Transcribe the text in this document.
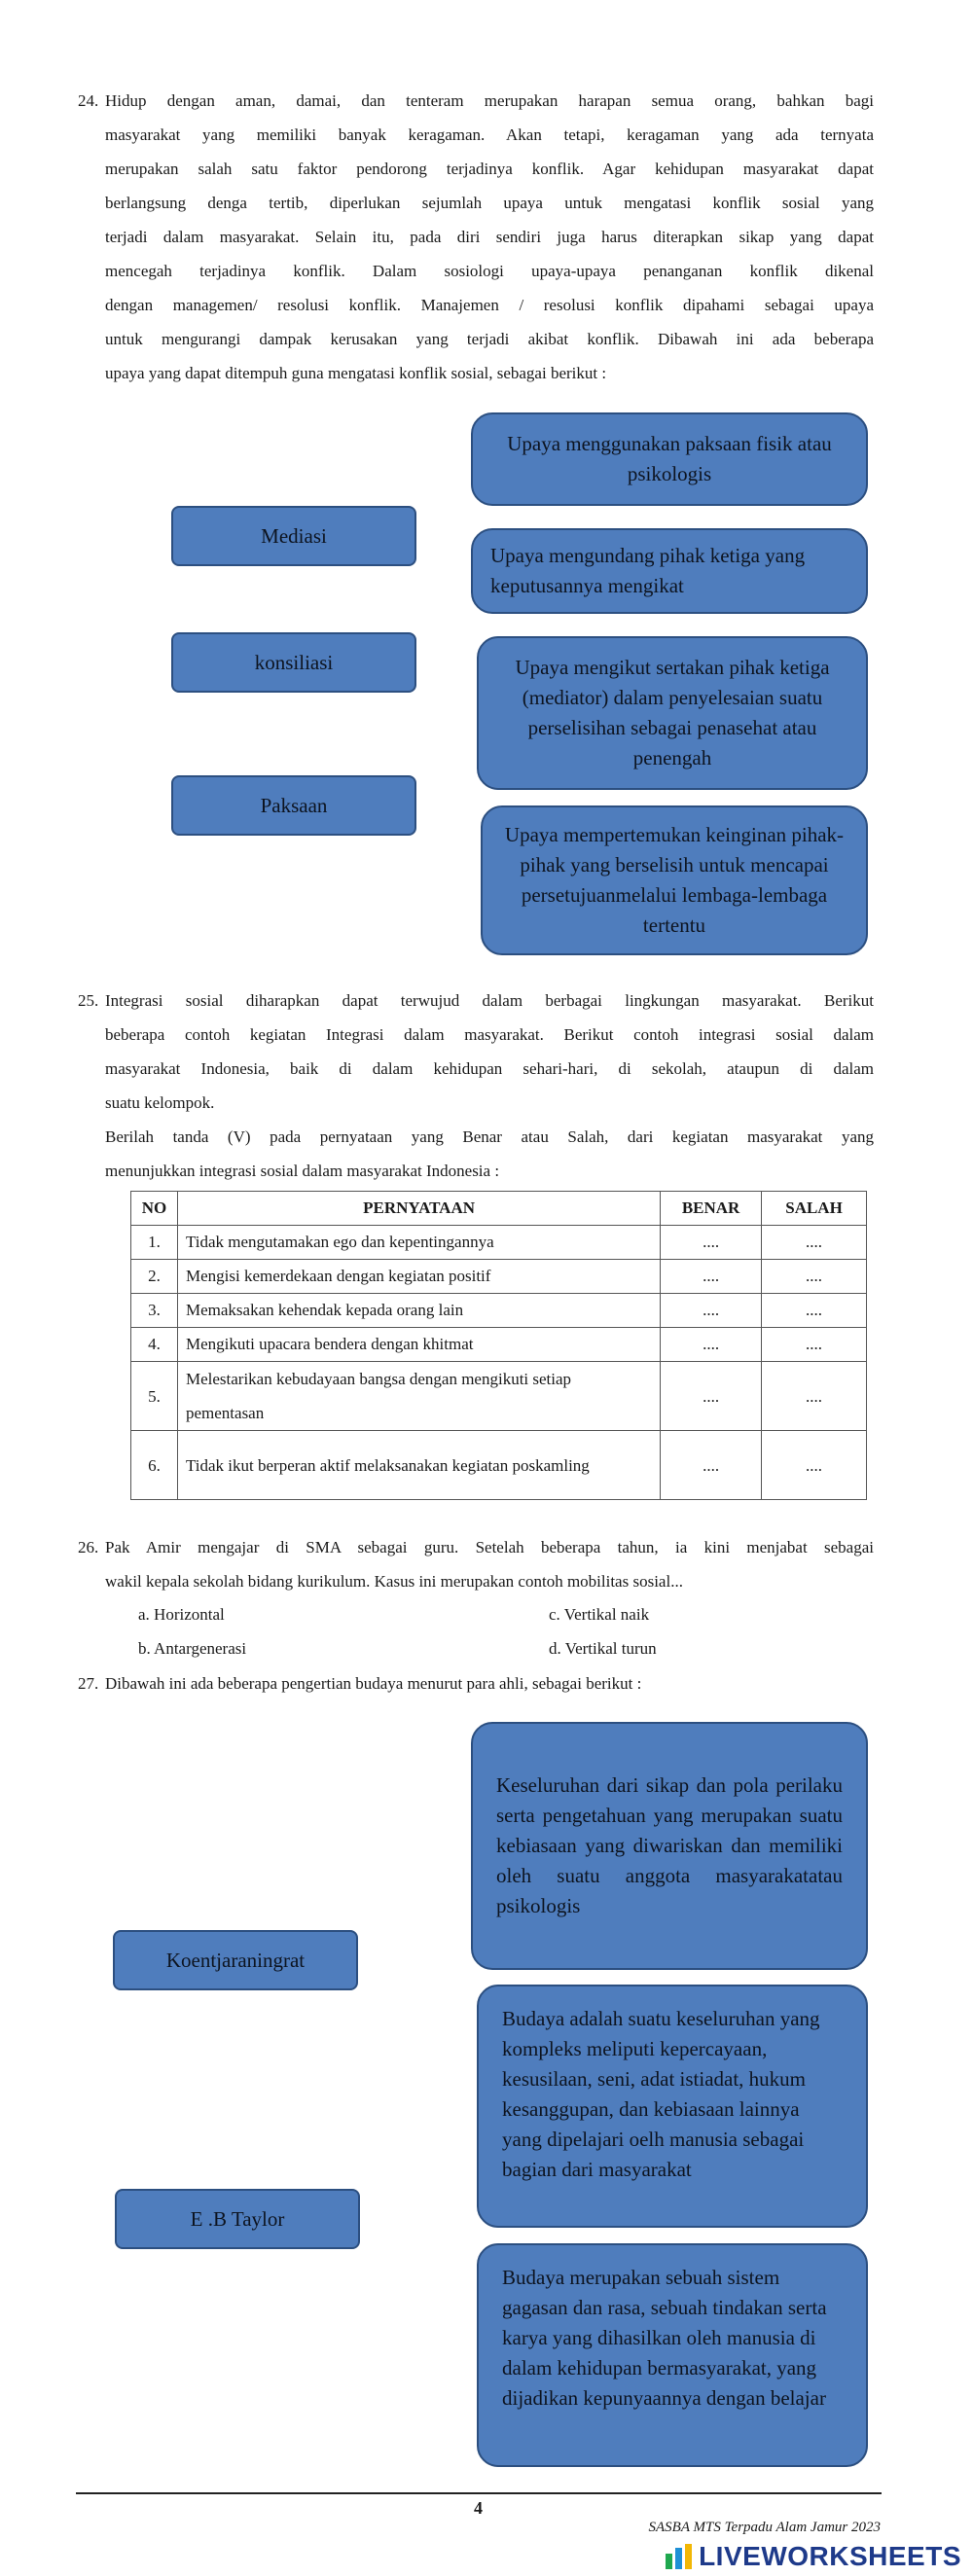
24. Hidup dengan aman, damai, dan tenteram merupakan harapan semua orang, bahkan bagi
masyarakat yang memiliki banyak keragaman. Akan tetapi, keragaman yang ada ternyata
merupakan salah satu faktor pendorong terjadinya konflik. Agar kehidupan masyarakat dapat
berlangsung denga tertib, diperlukan sejumlah upaya untuk mengatasi konflik sosial yang
terjadi dalam masyarakat. Selain itu, pada diri sendiri juga harus diterapkan sikap yang dapat
mencegah terjadinya konflik. Dalam sosiologi upaya-upaya penanganan konflik dikenal
dengan managemen/ resolusi konflik. Manajemen / resolusi konflik dipahami sebagai upaya
untuk mengurangi dampak kerusakan yang terjadi akibat konflik. Dibawah ini ada beberapa
upaya yang dapat ditempuh guna mengatasi konflik sosial, sebagai berikut :
Mediasi
konsiliasi
Paksaan
Upaya menggunakan paksaan fisik atau psikologis
Upaya mengundang pihak ketiga yang keputusannya mengikat
Upaya mengikut sertakan pihak ketiga (mediator) dalam penyelesaian suatu perselisihan sebagai penasehat atau penengah
Upaya mempertemukan keinginan pihak-pihak yang berselisih untuk mencapai persetujuanmelalui lembaga-lembaga tertentu
25. Integrasi sosial diharapkan dapat terwujud dalam berbagai lingkungan masyarakat. Berikut
beberapa contoh kegiatan Integrasi dalam masyarakat. Berikut contoh integrasi sosial dalam
masyarakat Indonesia, baik di dalam kehidupan sehari-hari, di sekolah, ataupun di dalam
suatu kelompok.
Berilah tanda (V) pada pernyataan yang Benar atau Salah, dari kegiatan masyarakat yang
menunjukkan integrasi sosial dalam masyarakat Indonesia :
NO	PERNYATAAN	BENAR	SALAH
1.	Tidak mengutamakan ego dan kepentingannya	....	....
2.	Mengisi kemerdekaan dengan kegiatan positif	....	....
3.	Memaksakan kehendak kepada orang lain	....	....
4.	Mengikuti upacara bendera dengan khitmat	....	....
5.	Melestarikan kebudayaan bangsa dengan mengikuti setiap pementasan	....	....
6.	Tidak ikut berperan aktif melaksanakan kegiatan poskamling	....	....
26. Pak Amir mengajar di SMA sebagai guru. Setelah beberapa tahun, ia kini menjabat sebagai
wakil kepala sekolah bidang kurikulum. Kasus ini merupakan contoh mobilitas sosial...
a. Horizontal
b. Antargenerasi
c. Vertikal naik
d. Vertikal turun
27. Dibawah ini ada beberapa pengertian budaya menurut para ahli, sebagai berikut :
Koentjaraningrat
E .B Taylor
Keseluruhan dari sikap dan pola perilaku serta pengetahuan yang merupakan suatu kebiasaan yang diwariskan dan memiliki oleh suatu anggota masyarakatatau psikologis
Budaya adalah suatu keseluruhan yang kompleks meliputi kepercayaan, kesusilaan, seni, adat istiadat, hukum kesanggupan, dan kebiasaan lainnya yang dipelajari oelh manusia sebagai bagian dari masyarakat
Budaya merupakan sebuah sistem gagasan dan rasa, sebuah tindakan serta karya yang dihasilkan oleh manusia di dalam kehidupan bermasyarakat, yang dijadikan kepunyaannya dengan belajar
4
SASBA MTS Terpadu Alam Jamur 2023
LIVEWORKSHEETS
